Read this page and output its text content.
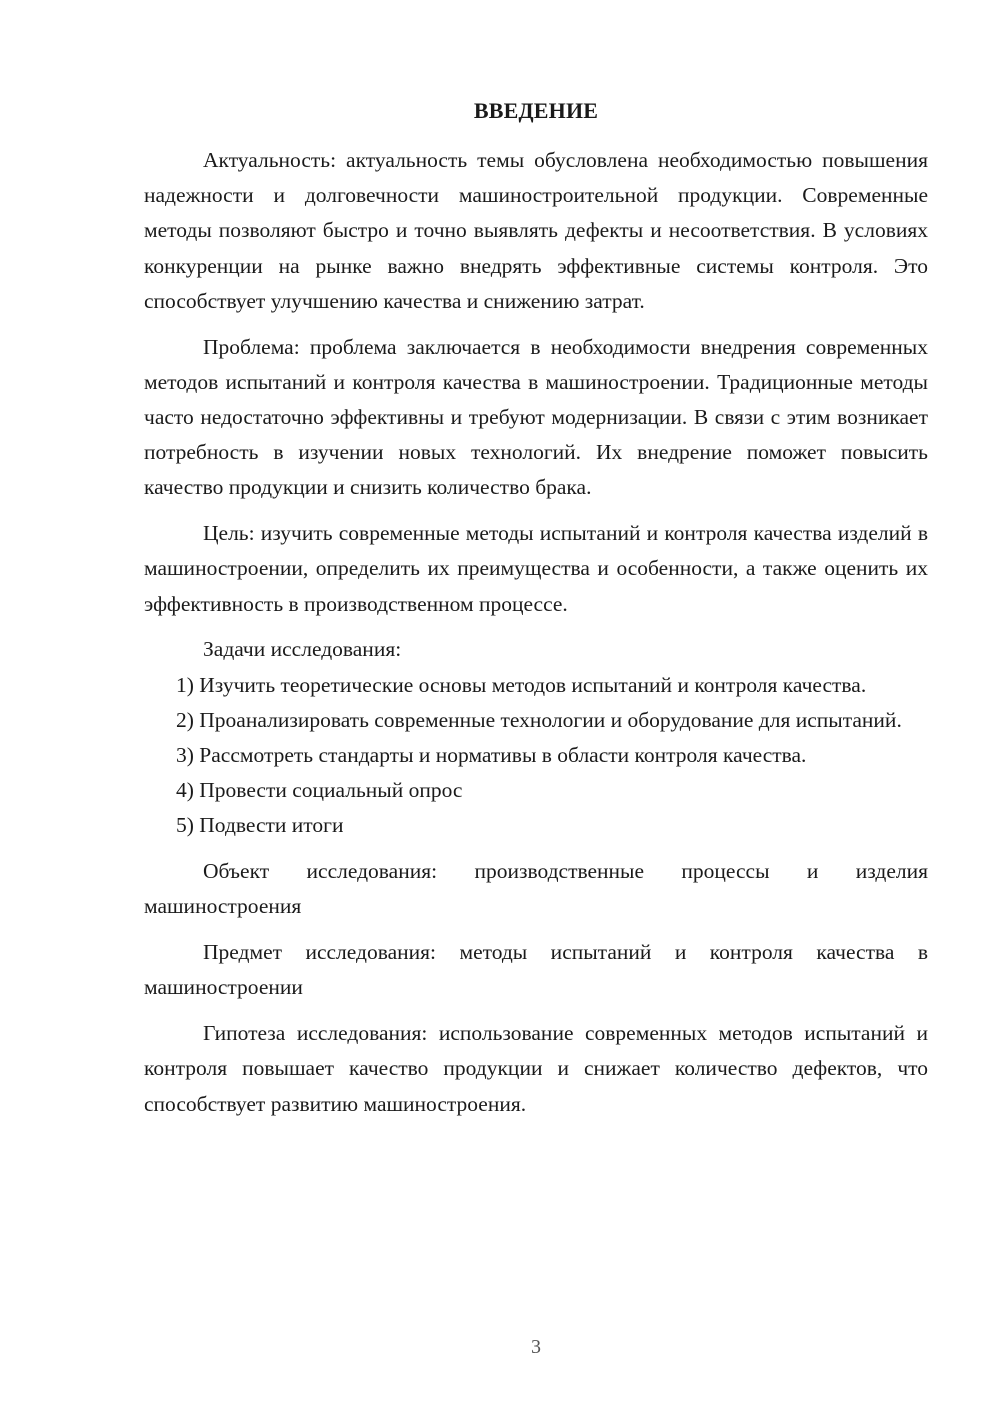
ВВЕДЕНИЕ

Актуальность: актуальность темы обусловлена необходимостью повышения надежности и долговечности машиностроительной продукции. Современные методы позволяют быстро и точно выявлять дефекты и несоответствия. В условиях конкуренции на рынке важно внедрять эффективные системы контроля. Это способствует улучшению качества и снижению затрат.

Проблема: проблема заключается в необходимости внедрения современных методов испытаний и контроля качества в машиностроении. Традиционные методы часто недостаточно эффективны и требуют модернизации. В связи с этим возникает потребность в изучении новых технологий. Их внедрение поможет повысить качество продукции и снизить количество брака.

Цель: изучить современные методы испытаний и контроля качества изделий в машиностроении, определить их преимущества и особенности, а также оценить их эффективность в производственном процессе.

Задачи исследования:

1) Изучить теоретические основы методов испытаний и контроля качества.

2) Проанализировать современные технологии и оборудование для испытаний.

3) Рассмотреть стандарты и нормативы в области контроля качества.

4) Провести социальный опрос

5) Подвести итоги

Объект исследования: производственные процессы и изделия машиностроения

Предмет исследования: методы испытаний и контроля качества в машиностроении

Гипотеза исследования: использование современных методов испытаний и контроля повышает качество продукции и снижает количество дефектов, что способствует развитию машиностроения.

3
